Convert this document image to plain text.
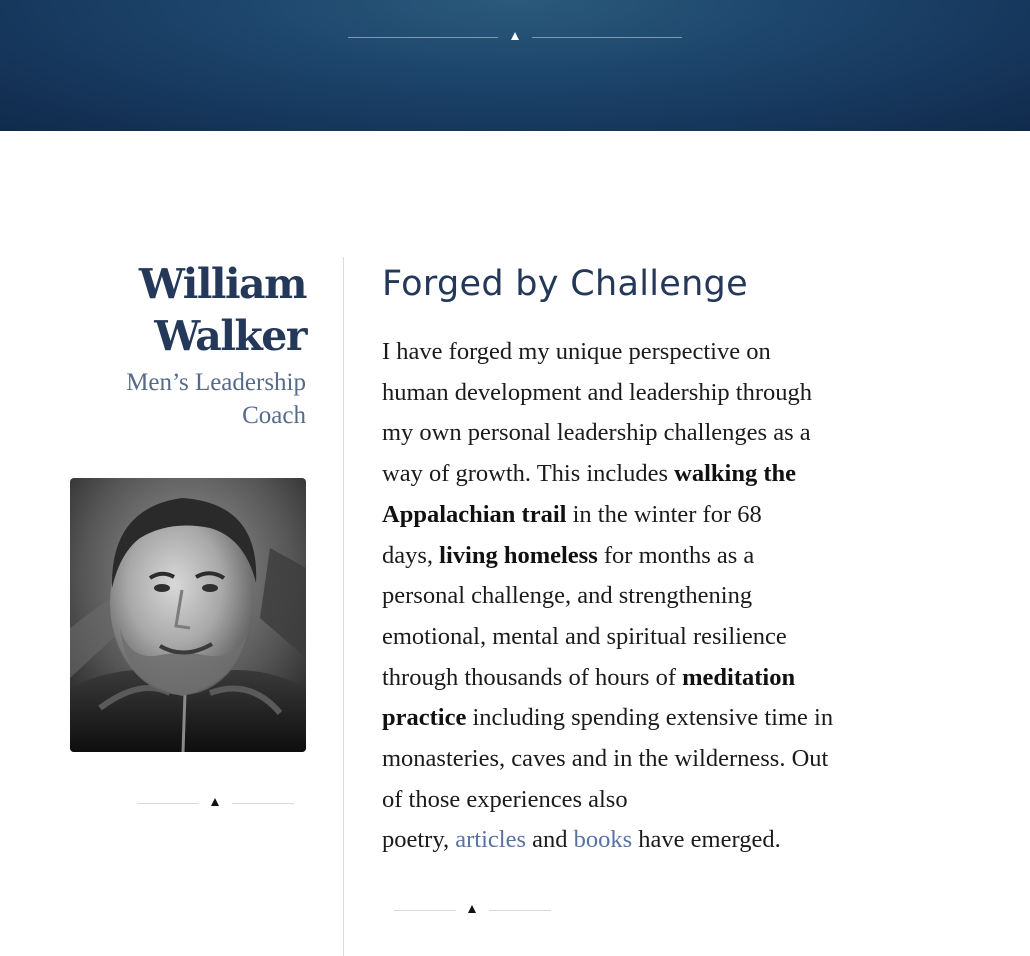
William
Walker
Men’s Leadership
Coach
Forged by Challenge
I have forged my unique perspective on
human development and leadership through
my own personal leadership challenges as a
way of growth. This includes walking the
Appalachian trail in the winter for 68
days, living homeless for months as a
personal challenge, and strengthening
emotional, mental and spiritual resilience
through thousands of hours of meditation
practice including spending extensive time in
monasteries, caves and in the wilderness. Out
of those experiences also
poetry, articles and books have emerged.
